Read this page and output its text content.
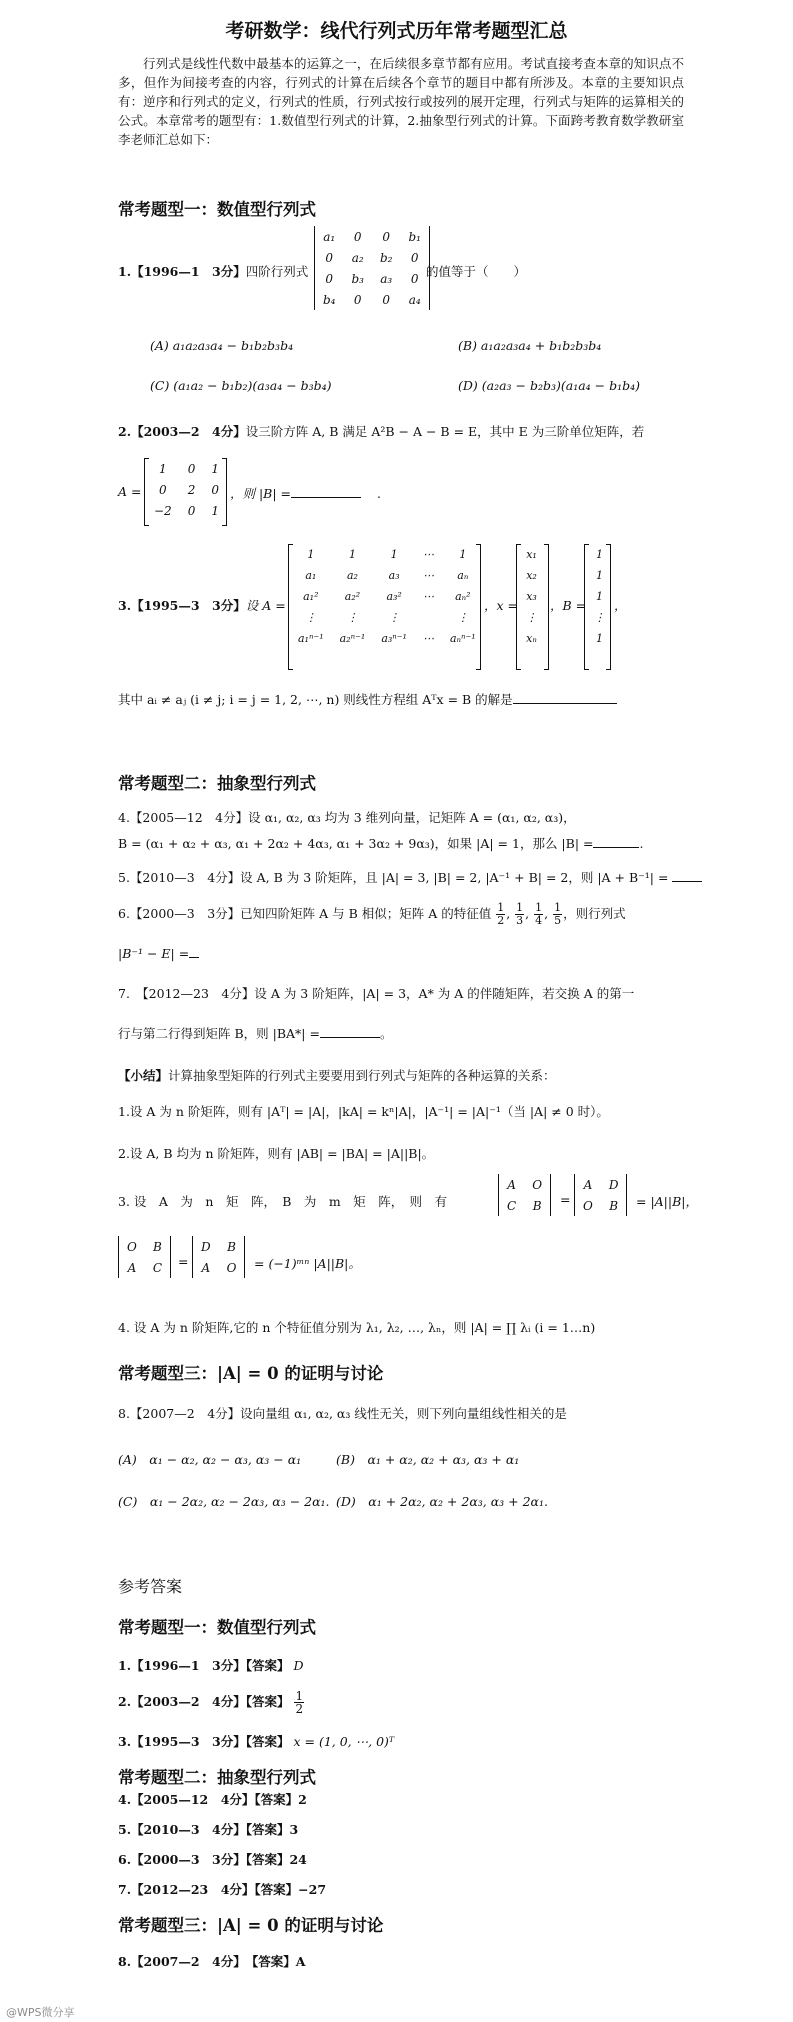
考研数学：线代行列式历年常考题型汇总

行列式是线性代数中最基本的运算之一，在后续很多章节都有应用。考试直接考查本章的知识点不多，但作为间接考查的内容，行列式的计算在后续各个章节的题目中都有所涉及。本章的主要知识点有：逆序和行列式的定义，行列式的性质，行列式按行或按列的展开定理，行列式与矩阵的运算相关的公式。本章常考的题型有：1.数值型行列式的计算，2.抽象型行列式的计算。下面跨考教育数学教研室李老师汇总如下：

常考题型一：数值型行列式
1.【1996—1　3分】四阶行列式
a₁	0	0	b₁
0	a₂	b₂	0
0	b₃	a₃	0
b₄	0	0	a₄
的值等于（　　）
(A) a₁a₂a₃a₄ − b₁b₂b₃b₄	(B) a₁a₂a₃a₄ + b₁b₂b₃b₄
(C) (a₁a₂ − b₁b₂)(a₃a₄ − b₃b₄)	(D) (a₂a₃ − b₂b₃)(a₁a₄ − b₁b₄)
2.【2003—2　4分】设三阶方阵 A, B 满足 A²B − A − B = E，其中 E 为三阶单位矩阵，若
A =
1	0	1
0	2	0
−2	0	1
，则 |B| =	.
3.【1995—3　3分】设 A =
1	1	1	⋯	1
a₁	a₂	a₃	⋯	aₙ
a₁²	a₂²	a₃²	⋯	aₙ²
⋮	⋮	⋮		⋮
a₁ⁿ⁻¹	a₂ⁿ⁻¹	a₃ⁿ⁻¹	⋯	aₙⁿ⁻¹
，x =
x₁
x₂
x₃
⋮
xₙ
，B =
1
1
1
⋮
1
，
其中 aᵢ ≠ aⱼ (i ≠ j; i = j = 1, 2, ⋯, n) 则线性方程组 Aᵀx = B 的解是
常考题型二：抽象型行列式
4.【2005—12　4分】设 α₁, α₂, α₃ 均为 3 维列向量，记矩阵 A = (α₁, α₂, α₃)，
B = (α₁ + α₂ + α₃, α₁ + 2α₂ + 4α₃, α₁ + 3α₂ + 9α₃)，如果 |A| = 1，那么 |B| =	.
5.【2010—3　4分】设 A, B 为 3 阶矩阵，且 |A| = 3, |B| = 2, |A⁻¹ + B| = 2，则 |A + B⁻¹| =
6.【2000—3　3分】已知四阶矩阵 A 与 B 相似；矩阵 A 的特征值 $\frac{1}{2}$ , $\frac{1}{3}$ , $\frac{1}{4}$ , $\frac{1}{5}$ ，则行列式
|B⁻¹ − E| =
7.　【2012—23　4分】设 A 为 3 阶矩阵，|A| = 3，A* 为 A 的伴随矩阵，若交换 A 的第一
行与第二行得到矩阵 B，则 |BA*| =	。
【小结】计算抽象型矩阵的行列式主要要用到行列式与矩阵的各种运算的关系：
1.设 A 为 n 阶矩阵，则有 |Aᵀ| = |A|，|kA| = kⁿ|A|，|A⁻¹| = |A|⁻¹（当 |A| ≠ 0 时）。
2.设 A, B 均为 n 阶矩阵，则有 |AB| = |BA| = |A||B|。
3. 设　A　为　n　矩　阵，　B　为　m　矩　阵，　则　有
A	O
C	B =
A	D
O	B = |A||B|，
O	B
A	C =
D	B
A	O = (−1)ᵐⁿ |A||B|。
4. 设 A 为 n 阶矩阵,它的 n 个特征值分别为 λ₁, λ₂, …, λₙ，则 |A| = ∏ λᵢ (i = 1…n)
常考题型三：|A| = 0 的证明与讨论
8.【2007—2　4分】设向量组 α₁, α₂, α₃ 线性无关，则下列向量组线性相关的是
(A)　α₁ − α₂, α₂ − α₃, α₃ − α₁	(B)　α₁ + α₂, α₂ + α₃, α₃ + α₁
(C)　α₁ − 2α₂, α₂ − 2α₃, α₃ − 2α₁. (D)　α₁ + 2α₂, α₂ + 2α₃, α₃ + 2α₁.
参考答案
常考题型一：数值型行列式
1.【1996—1　3分】【答案】 D
2.【2003—2　4分】【答案】 $\frac{1}{2}$
3.【1995—3　3分】【答案】 x = (1, 0, ⋯, 0)ᵀ
常考题型二：抽象型行列式
4.【2005—12　4分】【答案】2
5.【2010—3　4分】【答案】3
6.【2000—3　3分】【答案】24
7.【2012—23　4分】【答案】−27
常考题型三：|A| = 0 的证明与讨论
8.【2007—2　4分】　【答案】A
@WPS微分享
